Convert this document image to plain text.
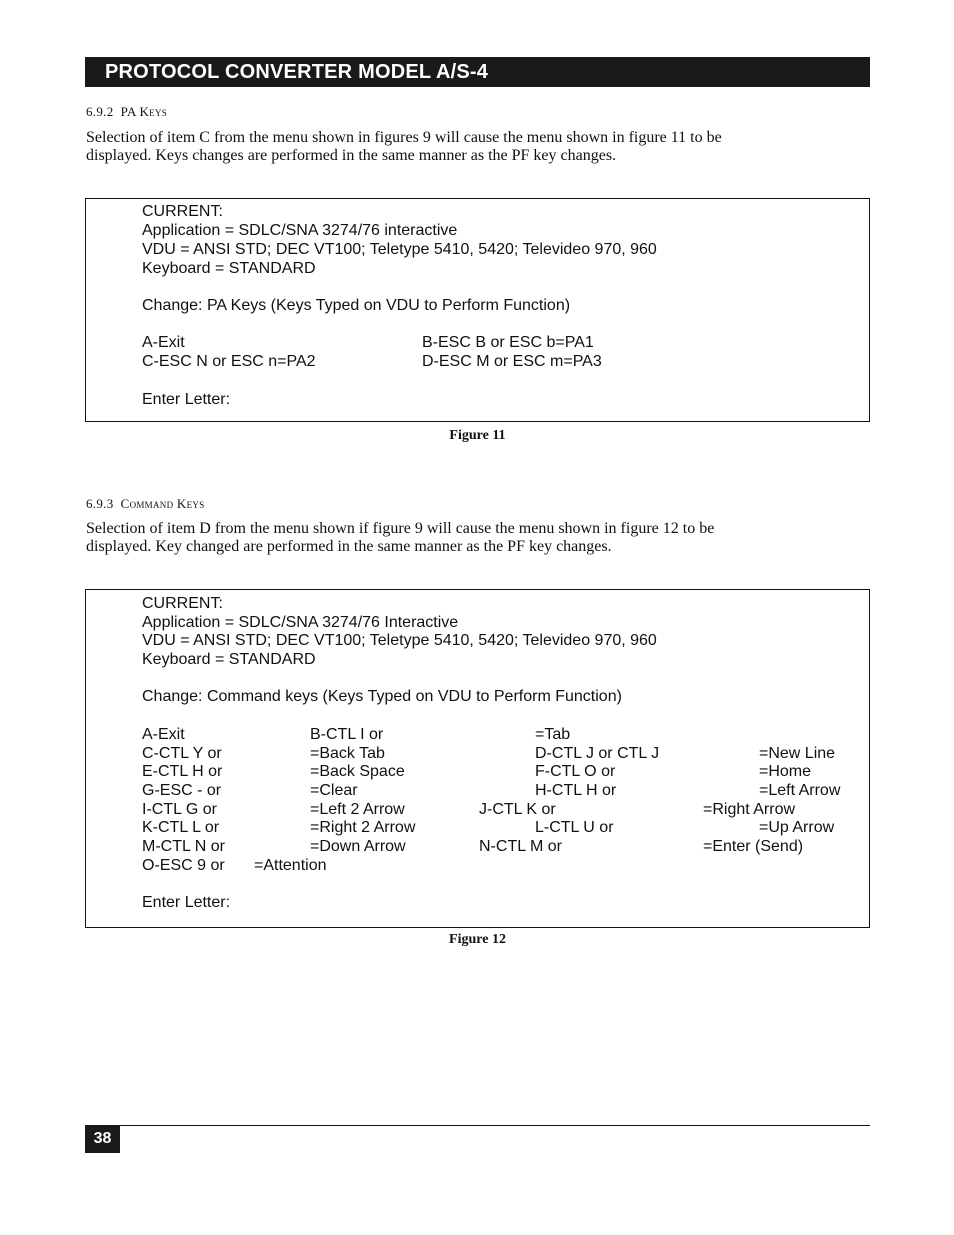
PROTOCOL CONVERTER MODEL A/S-4
6.9.2 PA Keys

Selection of item C from the menu shown in figures 9 will cause the menu shown in figure 11 to be

displayed. Keys changes are performed in the same manner as the PF key changes.

CURRENT:
Application = SDLC/SNA 3274/76 interactive
VDU = ANSI STD; DEC VT100; Teletype 5410, 5420; Televideo 970, 960
Keyboard = STANDARD
Change: PA Keys (Keys Typed on VDU to Perform Function)
A-Exit	B-ESC B or ESC b=PA1
C-ESC N or ESC n=PA2	D-ESC M or ESC m=PA3
Enter Letter:
Figure 11
6.9.3 Command Keys

Selection of item D from the menu shown if figure 9 will cause the menu shown in figure 12 to be

displayed. Key changed are performed in the same manner as the PF key changes.

CURRENT:
Application = SDLC/SNA 3274/76 Interactive
VDU = ANSI STD; DEC VT100; Teletype 5410, 5420; Televideo 970, 960
Keyboard = STANDARD
Change: Command keys (Keys Typed on VDU to Perform Function)
A-Exit	B-CTL I or	=Tab
C-CTL Y or	=Back Tab	D-CTL J or CTL J	=New Line
E-CTL H or	=Back Space	F-CTL O or	=Home
G-ESC - or	=Clear	H-CTL H or	=Left Arrow
I-CTL G or	=Left 2 Arrow	J-CTL K or	=Right Arrow
K-CTL L or	=Right 2 Arrow	L-CTL U or	=Up Arrow
M-CTL N or	=Down Arrow	N-CTL M or	=Enter (Send)
O-ESC 9 or =Attention
Enter Letter:
Figure 12
38
